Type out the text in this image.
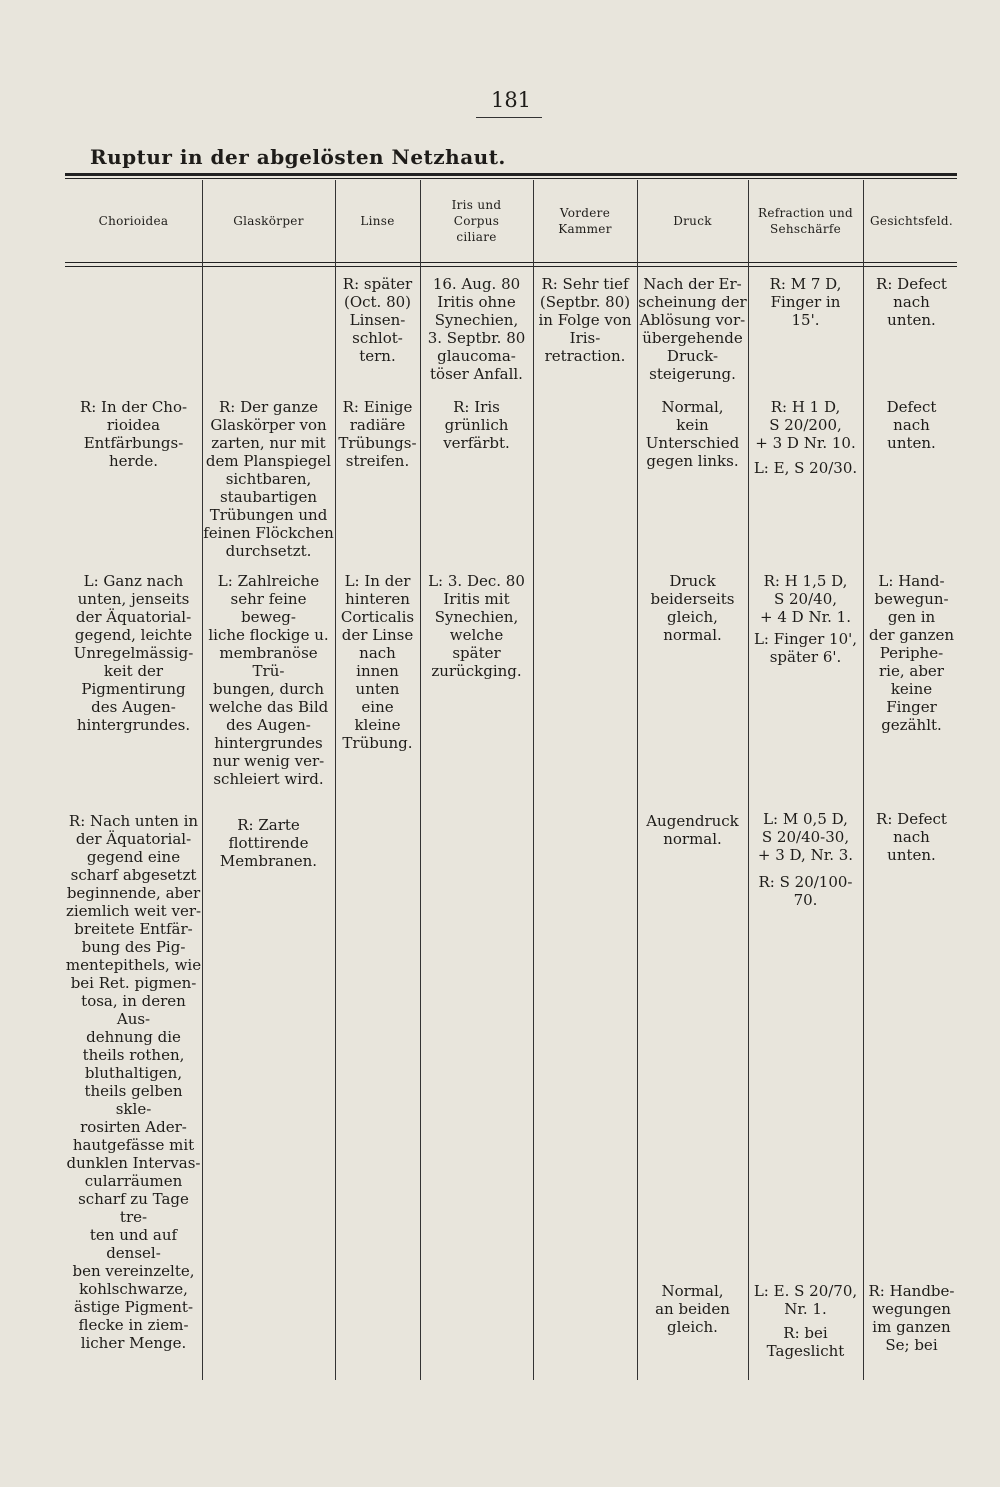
181
Ruptur in der abgelösten Netzhaut.
Chorioidea	Glaskörper	Linse
Iris und
Corpus
ciliare
Vordere
Kammer
Druck
Refraction und
Sehschärfe
Gesichtsfeld.
R: später
(Oct. 80)
Linsen-
schlot-
tern.
16. Aug. 80
Iritis ohne
Synechien,
3. Septbr. 80
glaucoma-
töser Anfall.
R: Sehr tief
(Septbr. 80)
in Folge von
Iris-
retraction.
Nach der Er-
scheinung der
Ablösung vor-
übergehende
Druck-
steigerung.
R: M 7 D,
Finger in
15'.
R: Defect
nach
unten.
R: In der Cho-
rioidea
Entfärbungs-
herde.
R: Der ganze
Glaskörper von
zarten, nur mit
dem Planspiegel
sichtbaren,
staubartigen
Trübungen und
feinen Flöckchen
durchsetzt.
R: Einige
radiäre
Trübungs-
streifen.
R: Iris
grünlich
verfärbt.
Normal,
kein
Unterschied
gegen links.
R: H 1 D,
S 20/200,
+ 3 D Nr. 10.
L: E, S 20/30.
Defect
nach
unten.
L: Ganz nach
unten, jenseits
der Äquatorial-
gegend, leichte
Unregelmässig-
keit der
Pigmentirung
des Augen-
hintergrundes.
L: Zahlreiche
sehr feine beweg-
liche flockige u.
membranöse Trü-
bungen, durch
welche das Bild
des Augen-
hintergrundes
nur wenig ver-
schleiert wird.
L: In der
hinteren
Corticalis
der Linse
nach
innen
unten
eine
kleine
Trübung.
L: 3. Dec. 80
Iritis mit
Synechien,
welche
später
zurückging.
Druck
beiderseits
gleich,
normal.
R: H 1,5 D,
S 20/40,
+ 4 D Nr. 1.
L: Finger 10',
später 6'.
L: Hand-
bewegun-
gen in
der ganzen
Periphe-
rie, aber
keine
Finger
gezählt.
R: Nach unten in
der Äquatorial-
gegend eine
scharf abgesetzt
beginnende, aber
ziemlich weit ver-
breitete Entfär-
bung des Pig-
mentepithels, wie
bei Ret. pigmen-
tosa, in deren Aus-
dehnung die
theils rothen,
bluthaltigen,
theils gelben skle-
rosirten Ader-
hautgefässe mit
dunklen Intervas-
cularräumen
scharf zu Tage tre-
ten und auf densel-
ben vereinzelte,
kohlschwarze,
ästige Pigment-
flecke in ziem-
licher Menge.
R: Zarte
flottirende
Membranen.
Augendruck
normal.
L: M 0,5 D,
S 20/40-30,
+ 3 D, Nr. 3.
R: S 20/100-70.
R: Defect
nach
unten.
Normal,
an beiden
gleich.
L: E. S 20/70,
Nr. 1.
R: bei
Tageslicht
R: Handbe-
wegungen
im ganzen
Se; bei
